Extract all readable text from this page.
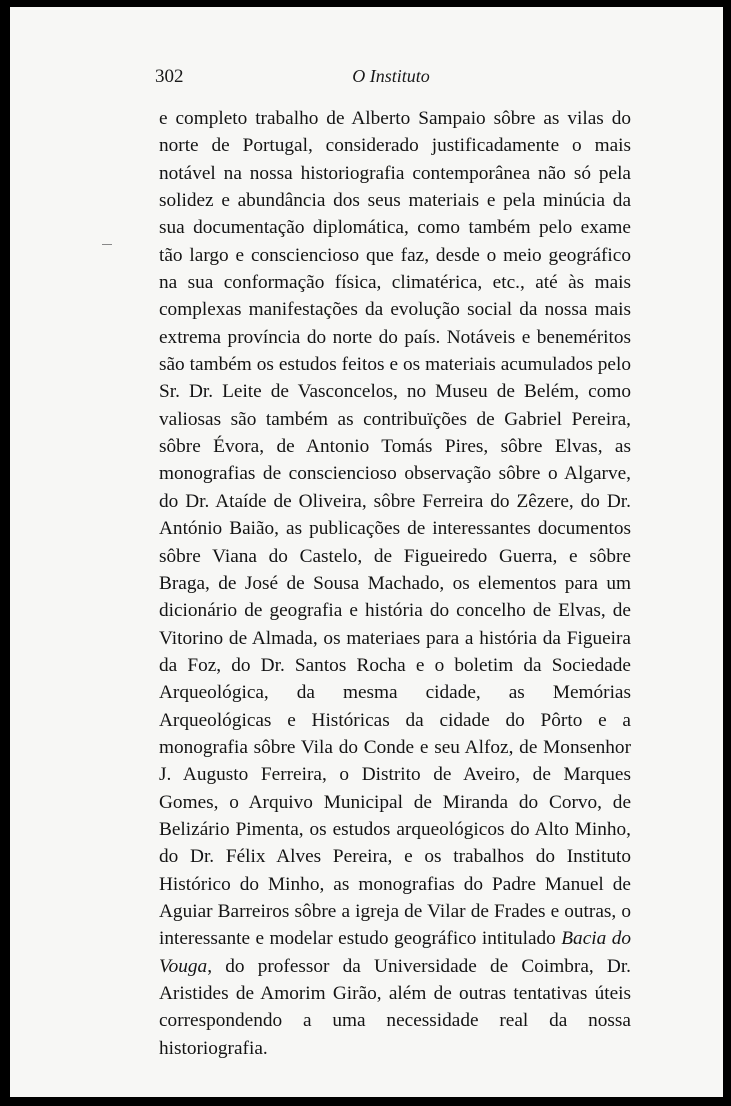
302	O Instituto

e completo trabalho de Alberto Sampaio sôbre as vilas do norte de Portugal, considerado justificadamente o mais notável na nossa historiografia contemporânea não só pela solidez e abundância dos seus materiais e pela minúcia da sua documentação diplomática, como também pelo exame tão largo e consciencioso que faz, desde o meio geográfico na sua conformação física, climatérica, etc., até às mais complexas manifestações da evolução social da nossa mais extrema província do norte do país. Notáveis e beneméritos são também os estudos feitos e os materiais acumulados pelo Sr. Dr. Leite de Vasconcelos, no Museu de Belém, como valiosas são também as contribuïções de Gabriel Pereira, sôbre Évora, de Antonio Tomás Pires, sôbre Elvas, as monografias de consciencioso observação sôbre o Algarve, do Dr. Ataíde de Oliveira, sôbre Ferreira do Zêzere, do Dr. António Baião, as publicações de interessantes documentos sôbre Viana do Castelo, de Figueiredo Guerra, e sôbre Braga, de José de Sousa Machado, os elementos para um dicionário de geografia e história do concelho de Elvas, de Vitorino de Almada, os materiaes para a história da Figueira da Foz, do Dr. Santos Rocha e o boletim da Sociedade Arqueológica, da mesma cidade, as Memórias Arqueológicas e Históricas da cidade do Pôrto e a monografia sôbre Vila do Conde e seu Alfoz, de Monsenhor J. Augusto Ferreira, o Distrito de Aveiro, de Marques Gomes, o Arquivo Municipal de Miranda do Corvo, de Belizário Pimenta, os estudos arqueológicos do Alto Minho, do Dr. Félix Alves Pereira, e os trabalhos do Instituto Histórico do Minho, as monografias do Padre Manuel de Aguiar Barreiros sôbre a igreja de Vilar de Frades e outras, o interessante e modelar estudo geográfico intitulado Bacia do Vouga, do professor da Universidade de Coimbra, Dr. Aristides de Amorim Girão, além de outras tentativas úteis correspondendo a uma necessidade real da nossa historiografia.
